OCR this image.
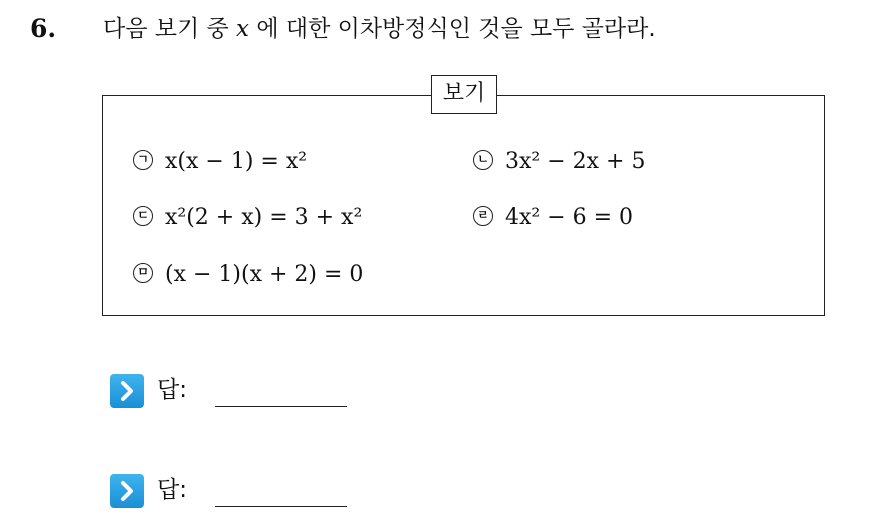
6. 다음 보기 중 x 에 대한 이차방정식인 것을 모두 골라라.
보기
ㄱ x(x − 1) = x²	ㄴ 3x² − 2x + 5
ㄷ x²(2 + x) = 3 + x²	ㄹ 4x² − 6 = 0
ㅁ (x − 1)(x + 2) = 0
답:
답:
